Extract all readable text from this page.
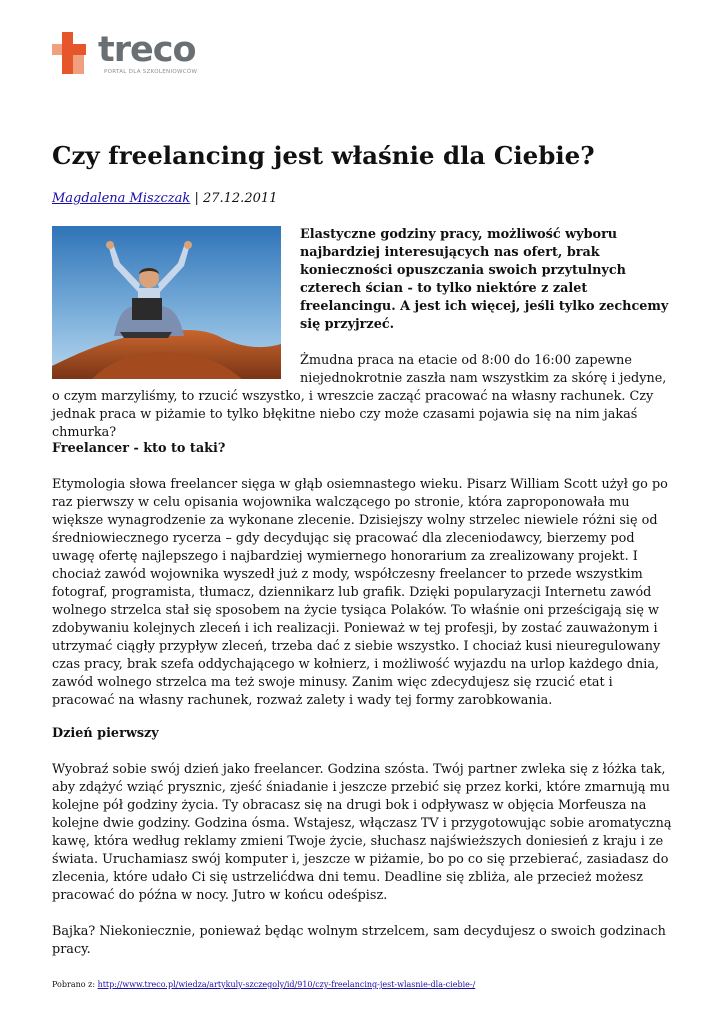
treco
PORTAL DLA SZKOLENIOWCÓW
Czy freelancing jest właśnie dla Ciebie?
Magdalena Miszczak | 27.12.2011

Elastyczne godziny pracy, możliwość wyboru najbardziej interesujących nas ofert, brak konieczności opuszczania swoich przytulnych czterech ścian - to tylko niektóre z zalet freelancingu. A jest ich więcej, jeśli tylko zechcemy się przyjrzeć.

Żmudna praca na etacie od 8:00 do 16:00 zapewne niejednokrotnie zaszła nam wszystkim za skórę i jedyne, o czym marzyliśmy, to rzucić wszystko, i wreszcie zacząć pracować na własny rachunek. Czy jednak praca w piżamie to tylko błękitne niebo czy może czasami pojawia się na nim jakaś chmurka?

Freelancer - kto to taki?

Etymologia słowa freelancer sięga w głąb osiemnastego wieku. Pisarz William Scott użył go po raz pierwszy w celu opisania wojownika walczącego po stronie, która zaproponowała mu większe wynagrodzenie za wykonane zlecenie. Dzisiejszy wolny strzelec niewiele różni się od średniowiecznego rycerza – gdy decydując się pracować dla zleceniodawcy, bierzemy pod uwagę ofertę najlepszego i najbardziej wymiernego honorarium za zrealizowany projekt. I chociaż zawód wojownika wyszedł już z mody, współczesny freelancer to przede wszystkim fotograf, programista, tłumacz, dziennikarz lub grafik. Dzięki popularyzacji Internetu zawód wolnego strzelca stał się sposobem na życie tysiąca Polaków. To właśnie oni prześcigają się w zdobywaniu kolejnych zleceń i ich realizacji. Ponieważ w tej profesji, by zostać zauważonym i utrzymać ciągły przypływ zleceń, trzeba dać z siebie wszystko. I chociaż kusi nieuregulowany czas pracy, brak szefa oddychającego w kołnierz, i możliwość wyjazdu na urlop każdego dnia, zawód wolnego strzelca ma też swoje minusy. Zanim więc zdecydujesz się rzucić etat i pracować na własny rachunek, rozważ zalety i wady tej formy zarobkowania.

Dzień pierwszy

Wyobraź sobie swój dzień jako freelancer. Godzina szósta. Twój partner zwleka się z łóżka tak, aby zdążyć wziąć prysznic, zjeść śniadanie i jeszcze przebić się przez korki, które zmarnują mu kolejne pół godziny życia. Ty obracasz się na drugi bok i odpływasz w objęcia Morfeusza na kolejne dwie godziny. Godzina ósma. Wstajesz, włączasz TV i przygotowując sobie aromatyczną kawę, która według reklamy zmieni Twoje życie, słuchasz najświeższych doniesień z kraju i ze świata. Uruchamiasz swój komputer i, jeszcze w piżamie, bo po co się przebierać, zasiadasz do zlecenia, które udało Ci się ustrzelićdwa dni temu. Deadline się zbliża, ale przecież możesz pracować do późna w nocy. Jutro w końcu odeśpisz.

Bajka? Niekoniecznie, ponieważ będąc wolnym strzelcem, sam decydujesz o swoich godzinach pracy.

Pobrano z: http://www.treco.pl/wiedza/artykuly-szczegoly/id/910/czy-freelancing-jest-wlasnie-dla-ciebie-/
